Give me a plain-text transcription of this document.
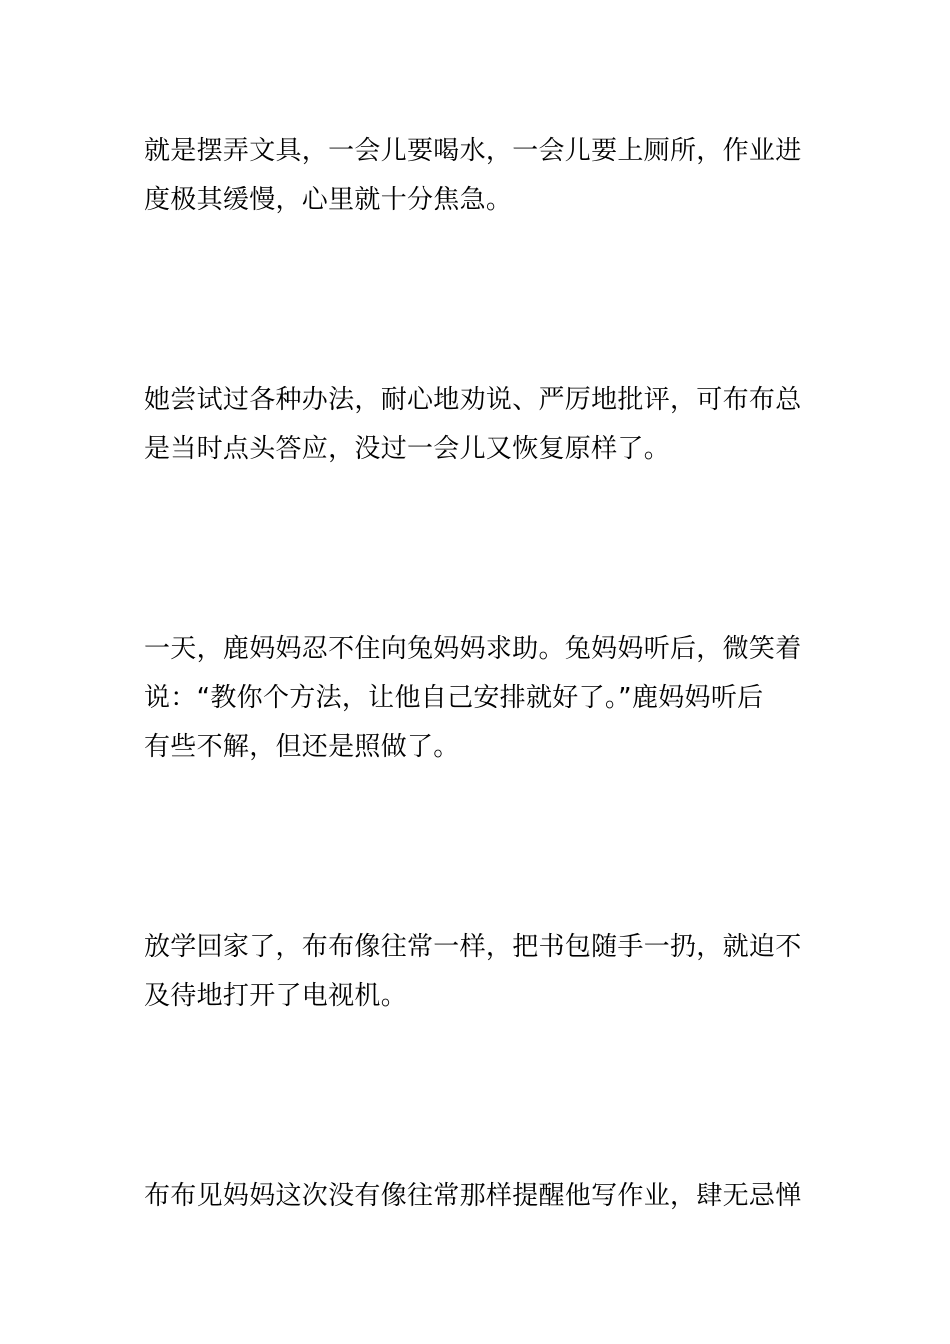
就是摆弄文具，一会儿要喝水，一会儿要上厕所，作业进
度极其缓慢，心里就十分焦急。

她尝试过各种办法，耐心地劝说、严厉地批评，可布布总
是当时点头答应，没过一会儿又恢复原样了。

一天，鹿妈妈忍不住向兔妈妈求助。兔妈妈听后，微笑着
说：“教你个方法，让他自己安排就好了。”鹿妈妈听后
有些不解，但还是照做了。

放学回家了，布布像往常一样，把书包随手一扔，就迫不
及待地打开了电视机。

布布见妈妈这次没有像往常那样提醒他写作业，肆无忌惮
